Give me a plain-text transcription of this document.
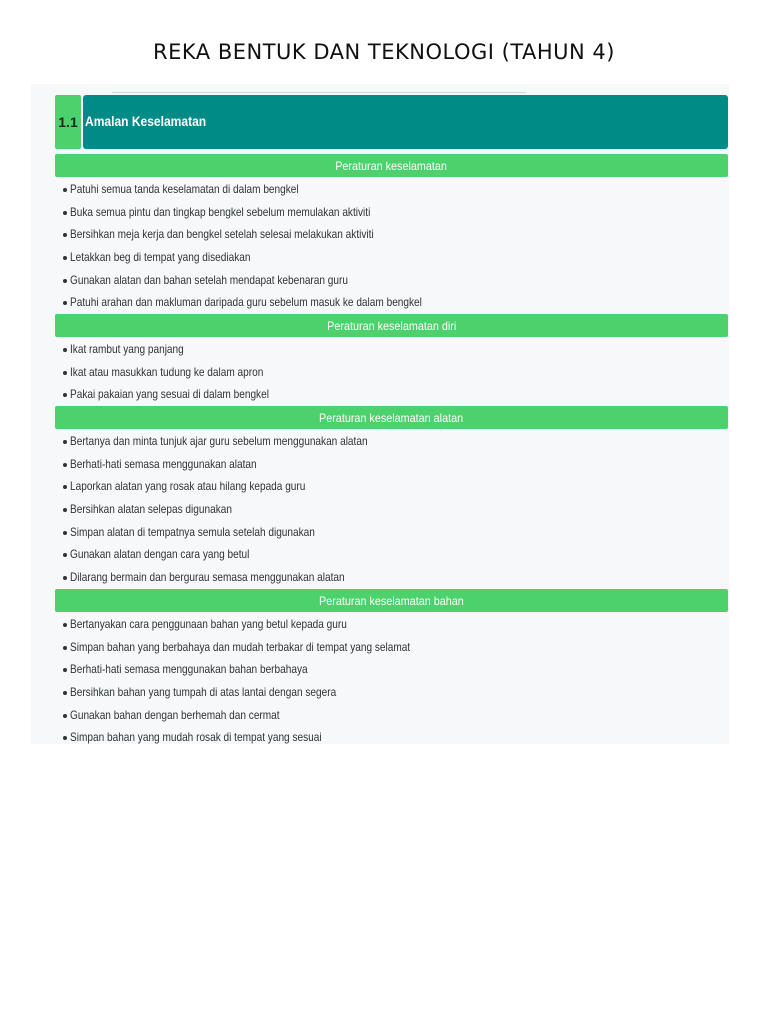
REKA BENTUK DAN TEKNOLOGI (TAHUN 4)
1.1 Amalan Keselamatan
Peraturan keselamatan
Patuhi semua tanda keselamatan di dalam bengkel
Buka semua pintu dan tingkap bengkel sebelum memulakan aktiviti
Bersihkan meja kerja dan bengkel setelah selesai melakukan aktiviti
Letakkan beg di tempat yang disediakan
Gunakan alatan dan bahan setelah mendapat kebenaran guru
Patuhi arahan dan makluman daripada guru sebelum masuk ke dalam bengkel
Peraturan keselamatan diri
Ikat rambut yang panjang
Ikat atau masukkan tudung ke dalam apron
Pakai pakaian yang sesuai di dalam bengkel
Peraturan keselamatan alatan
Bertanya dan minta tunjuk ajar guru sebelum menggunakan alatan
Berhati-hati semasa menggunakan alatan
Laporkan alatan yang rosak atau hilang kepada guru
Bersihkan alatan selepas digunakan
Simpan alatan di tempatnya semula setelah digunakan
Gunakan alatan dengan cara yang betul
Dilarang bermain dan bergurau semasa menggunakan alatan
Peraturan keselamatan bahan
Bertanyakan cara penggunaan bahan yang betul kepada guru
Simpan bahan yang berbahaya dan mudah terbakar di tempat yang selamat
Berhati-hati semasa menggunakan bahan berbahaya
Bersihkan bahan yang tumpah di atas lantai dengan segera
Gunakan bahan dengan berhemah dan cermat
Simpan bahan yang mudah rosak di tempat yang sesuai
